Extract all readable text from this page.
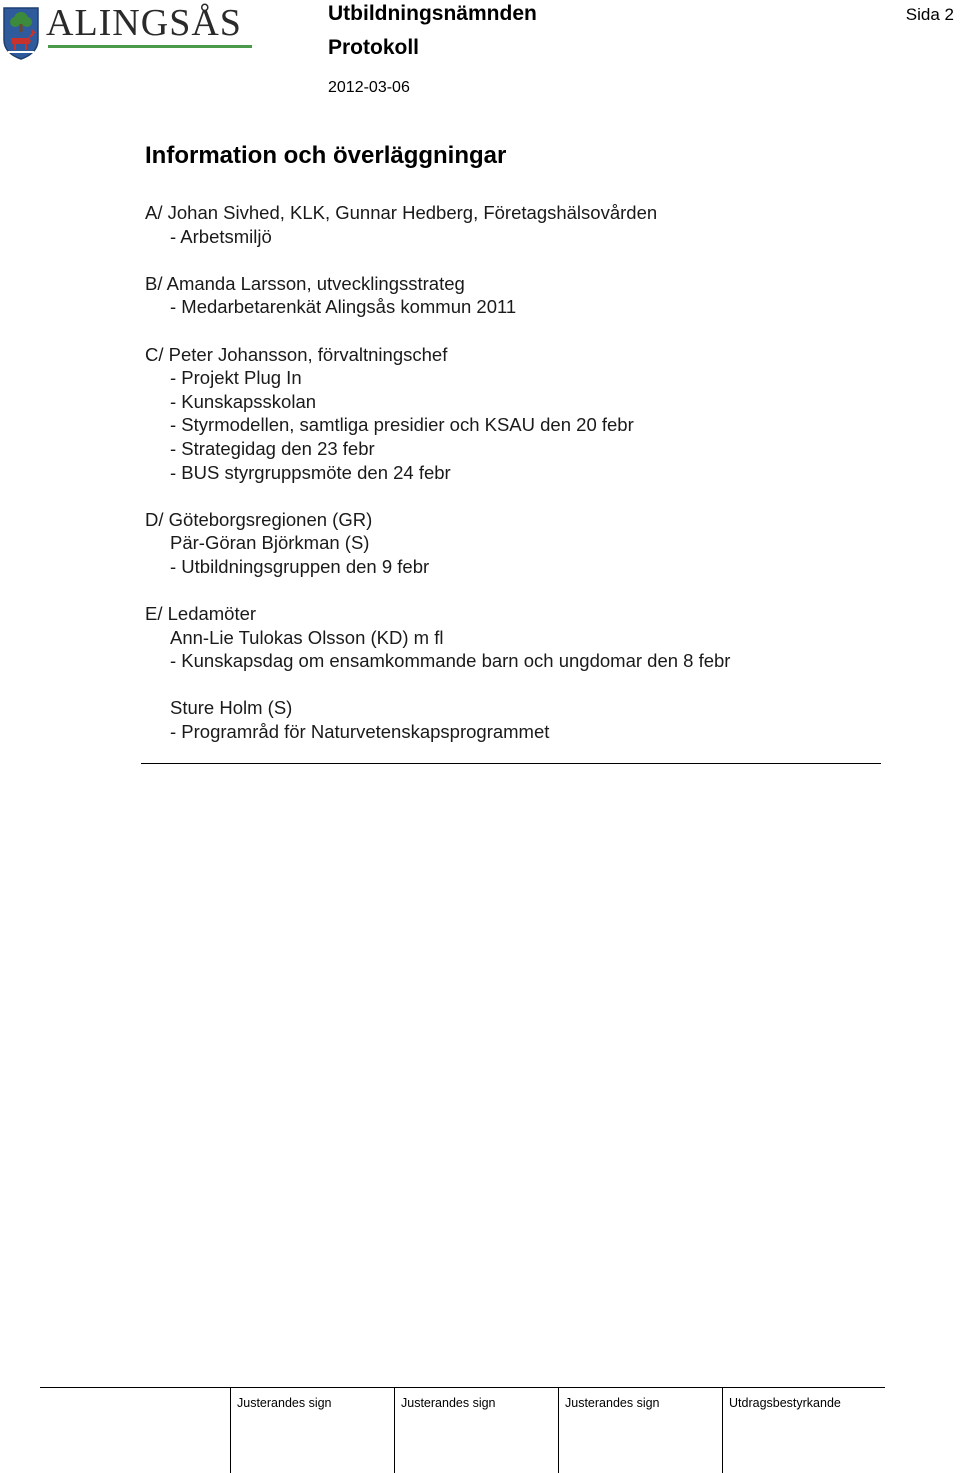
ALINGSÅS	Utbildningsnämnden
Protokoll
2012-03-06
Sida 2
Information och överläggningar
A/ Johan Sivhed, KLK, Gunnar Hedberg, Företagshälsovården
- Arbetsmiljö
B/ Amanda Larsson, utvecklingsstrateg
- Medarbetarenkät Alingsås kommun 2011
C/ Peter Johansson, förvaltningschef
- Projekt Plug In
- Kunskapsskolan
- Styrmodellen, samtliga presidier och KSAU den 20 febr
- Strategidag den 23 febr
- BUS styrgruppsmöte den 24 febr
D/ Göteborgsregionen (GR)
Pär-Göran Björkman (S)
- Utbildningsgruppen den 9 febr
E/ Ledamöter
Ann-Lie Tulokas Olsson (KD) m fl
- Kunskapsdag om ensamkommande barn och ungdomar den 8 febr
Sture Holm (S)
- Programråd för Naturvetenskapsprogrammet
Justerandes sign	Justerandes sign	Justerandes sign	Utdragsbestyrkande
